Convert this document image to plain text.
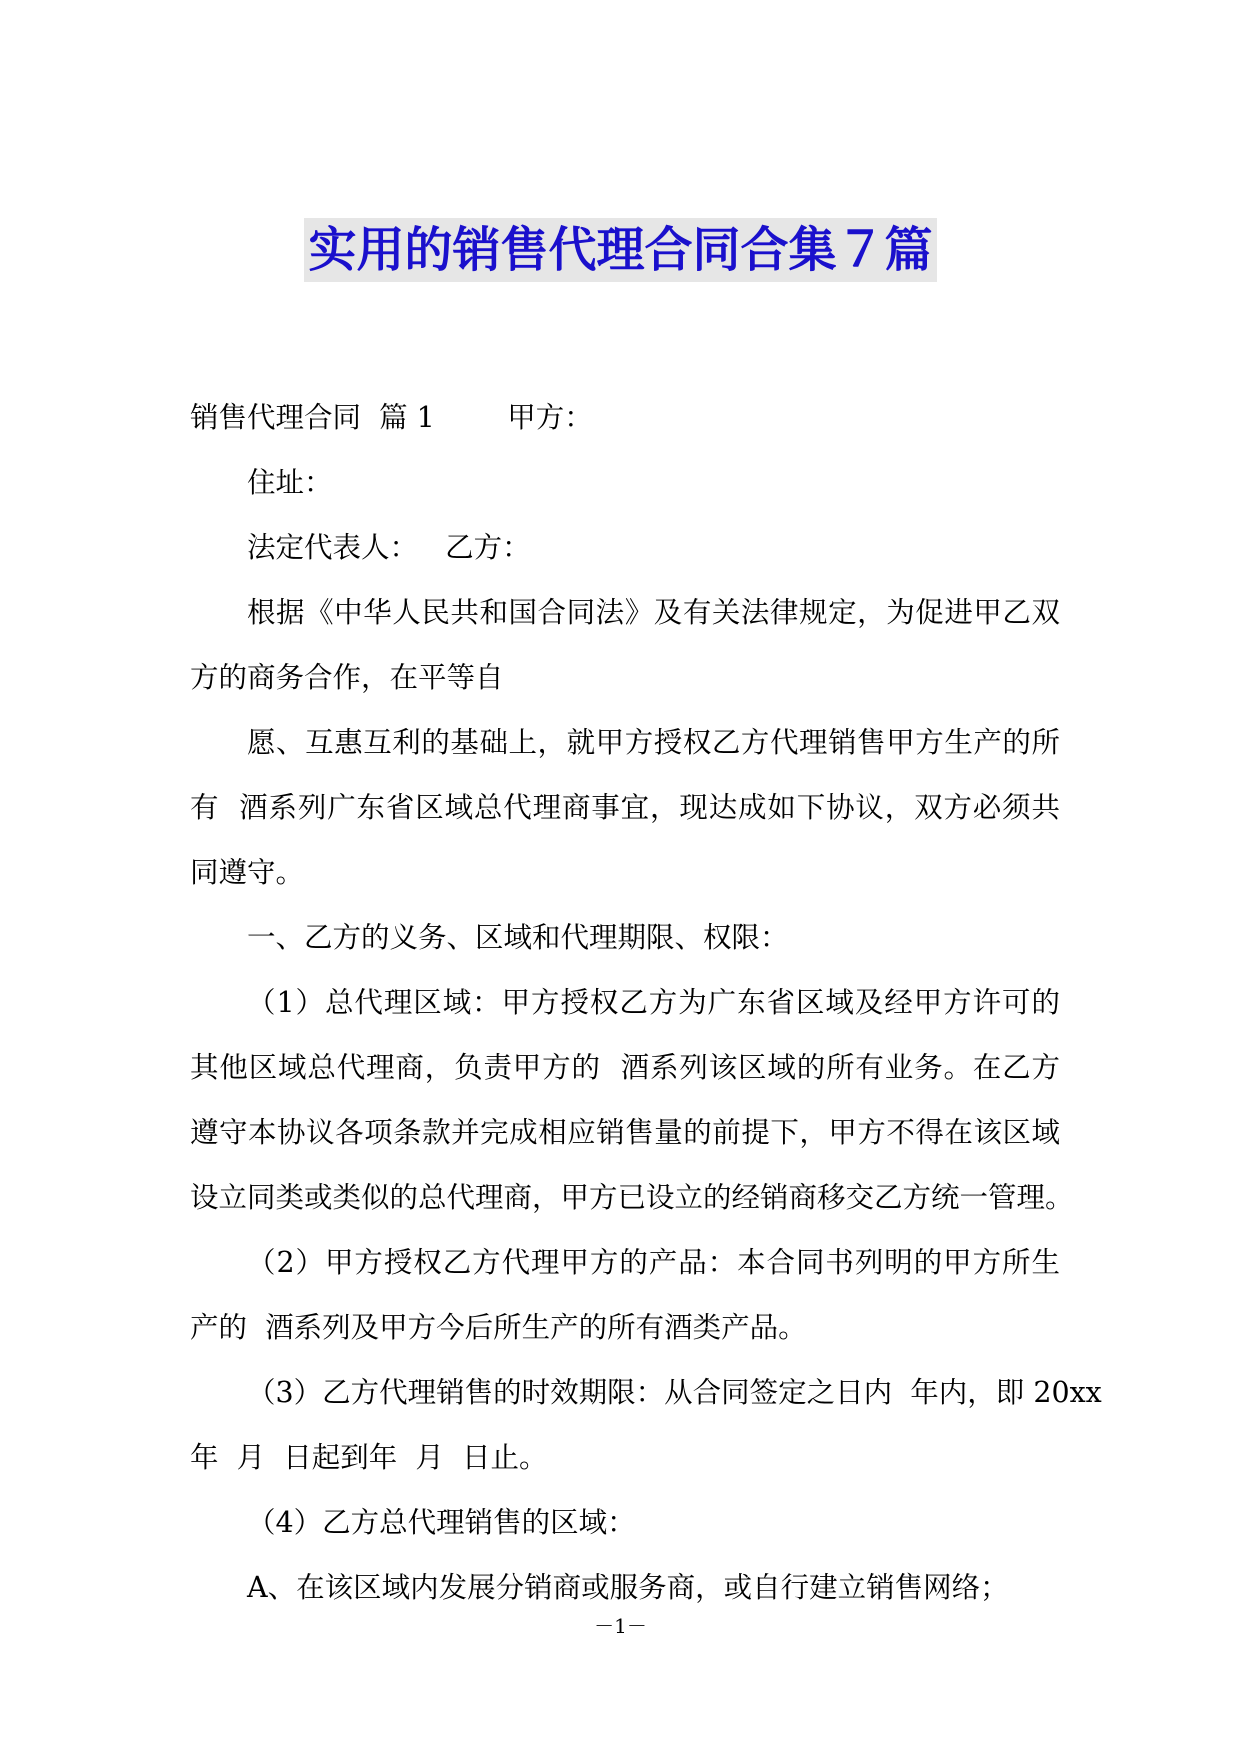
实用的销售代理合同合集７篇
销售代理合同  篇 1        甲方：
住址：
法定代表人：   乙方：
根据《中华人民共和国合同法》及有关法律规定，为促进甲乙双
方的商务合作，在平等自
愿、互惠互利的基础上，就甲方授权乙方代理销售甲方生产的所
有  酒系列广东省区域总代理商事宜，现达成如下协议，双方必须共
同遵守。
一、乙方的义务、区域和代理期限、权限：
（1）总代理区域：甲方授权乙方为广东省区域及经甲方许可的
其他区域总代理商，负责甲方的  酒系列该区域的所有业务。在乙方
遵守本协议各项条款并完成相应销售量的前提下，甲方不得在该区域
设立同类或类似的总代理商，甲方已设立的经销商移交乙方统一管理。
（2）甲方授权乙方代理甲方的产品：本合同书列明的甲方所生
产的  酒系列及甲方今后所生产的所有酒类产品。
（3）乙方代理销售的时效期限：从合同签定之日内  年内，即 20xx
年  月  日起到年  月  日止。
（4）乙方总代理销售的区域：
A、在该区域内发展分销商或服务商，或自行建立销售网络；
－1－
